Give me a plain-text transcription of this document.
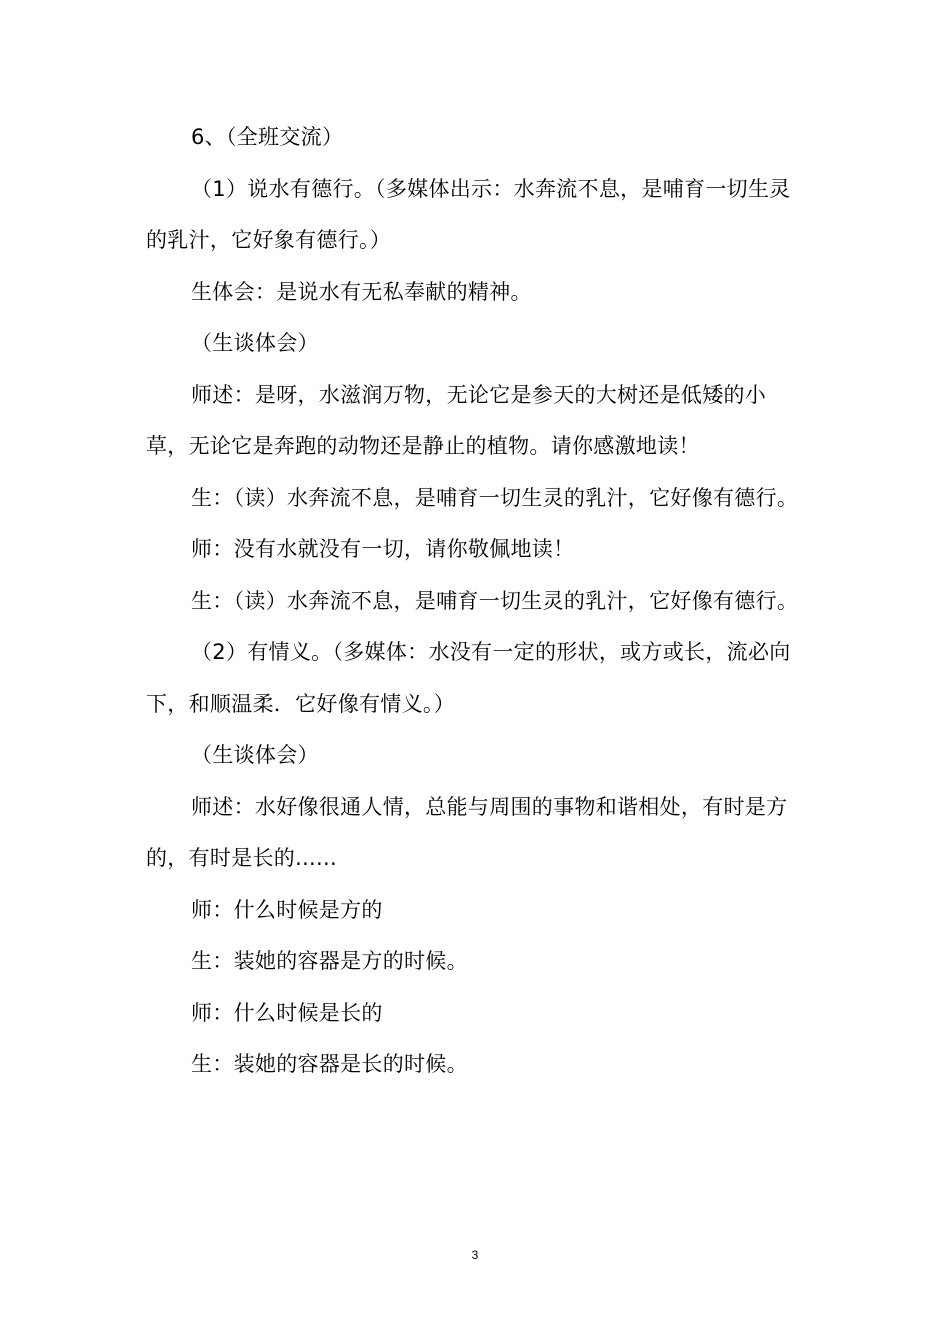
6、（全班交流）

（1）说水有德行。（多媒体出示：水奔流不息，是哺育一切生灵的乳汁，它好象有德行。）

生体会：是说水有无私奉献的精神。

（生谈体会）

师述：是呀，水滋润万物，无论它是参天的大树还是低矮的小草，无论它是奔跑的动物还是静止的植物。请你感激地读！

生：（读）水奔流不息，是哺育一切生灵的乳汁，它好像有德行。

师：没有水就没有一切，请你敬佩地读！

生：（读）水奔流不息，是哺育一切生灵的乳汁，它好像有德行。

（2）有情义。（多媒体：水没有一定的形状，或方或长，流必向下，和顺温柔．它好像有情义。）

（生谈体会）

师述：水好像很通人情，总能与周围的事物和谐相处，有时是方的，有时是长的......

师：什么时候是方的

生：装她的容器是方的时候。

师：什么时候是长的

生：装她的容器是长的时候。

3
